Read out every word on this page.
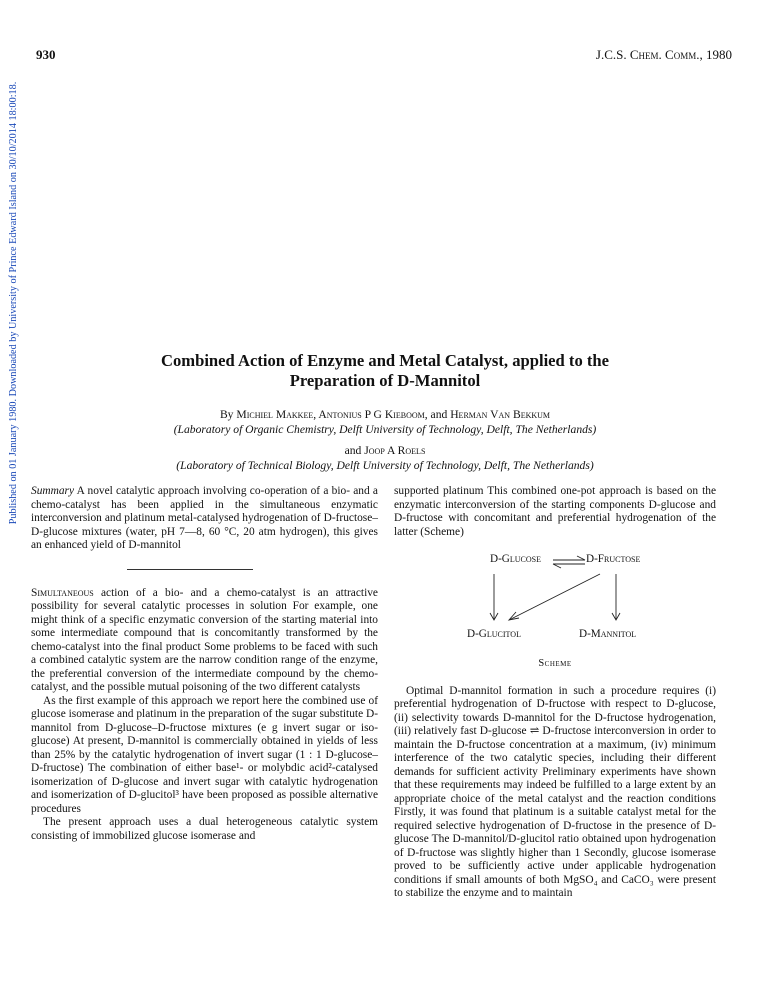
930	J.C.S. Chem. Comm., 1980
Published on 01 January 1980. Downloaded by University of Prince Edward Island on 30/10/2014 18:00:18.	Combined Action of Enzyme and Metal Catalyst, applied to the
Preparation of D-Mannitol
By Michiel Makkee, Antonius P G Kieboom, and Herman Van Bekkum
(Laboratory of Organic Chemistry, Delft University of Technology, Delft, The Netherlands)
and Joop A Roels
(Laboratory of Technical Biology, Delft University of Technology, Delft, The Netherlands)

Summary A novel catalytic approach involving co-operation of a bio- and a chemo-catalyst has been applied in the simultaneous enzymatic interconversion and platinum metal-catalysed hydrogenation of D-fructose–D-glucose mixtures (water, pH 7—8, 60 °C, 20 atm hydrogen), this gives an enhanced yield of D-mannitol

Simultaneous action of a bio- and a chemo-catalyst is an attractive possibility for several catalytic processes in solution For example, one might think of a specific enzymatic conversion of the starting material into some intermediate compound that is concomitantly transformed by the chemo-catalyst into the final product Some problems to be faced with such a combined catalytic system are the narrow condition range of the enzyme, the preferential conversion of the intermediate compound by the chemo-catalyst, and the possible mutual poisoning of the two different catalysts

As the first example of this approach we report here the combined use of glucose isomerase and platinum in the preparation of the sugar substitute D-mannitol from D-glucose–D-fructose mixtures (e g invert sugar or iso-glucose) At present, D-mannitol is commercially obtained in yields of less than 25% by the catalytic hydrogenation of invert sugar (1 : 1 D-glucose–D-fructose) The combination of either base¹- or molybdic acid²-catalysed isomerization of D-glucose and invert sugar with catalytic hydrogenation and isomerization of D-glucitol³ have been proposed as possible alternative procedures

The present approach uses a dual heterogeneous catalytic system consisting of immobilized glucose isomerase and

supported platinum This combined one-pot approach is based on the enzymatic interconversion of the starting components D-glucose and D-fructose with concomitant and preferential hydrogenation of the latter (Scheme)

D-Glucose	D-Fructose
D-Glucitol	D-Mannitol
Scheme

Optimal D-mannitol formation in such a procedure requires (i) preferential hydrogenation of D-fructose with respect to D-glucose, (ii) selectivity towards D-mannitol for the D-fructose hydrogenation, (iii) relatively fast D-glucose ⇌ D-fructose interconversion in order to maintain the D-fructose concentration at a maximum, (iv) minimum interference of the two catalytic species, including their different demands for sufficient activity Preliminary experiments have shown that these requirements may indeed be fulfilled to a large extent by an appropriate choice of the metal catalyst and the reaction conditions Firstly, it was found that platinum is a suitable catalyst metal for the required selective hydrogenation of D-fructose in the presence of D-glucose The D-mannitol/D-glucitol ratio obtained upon hydrogenation of D-fructose was slightly higher than 1 Secondly, glucose isomerase proved to be sufficiently active under applicable hydrogenation conditions if small amounts of both MgSO₄ and CaCO₃ were present to stabilize the enzyme and to maintain
